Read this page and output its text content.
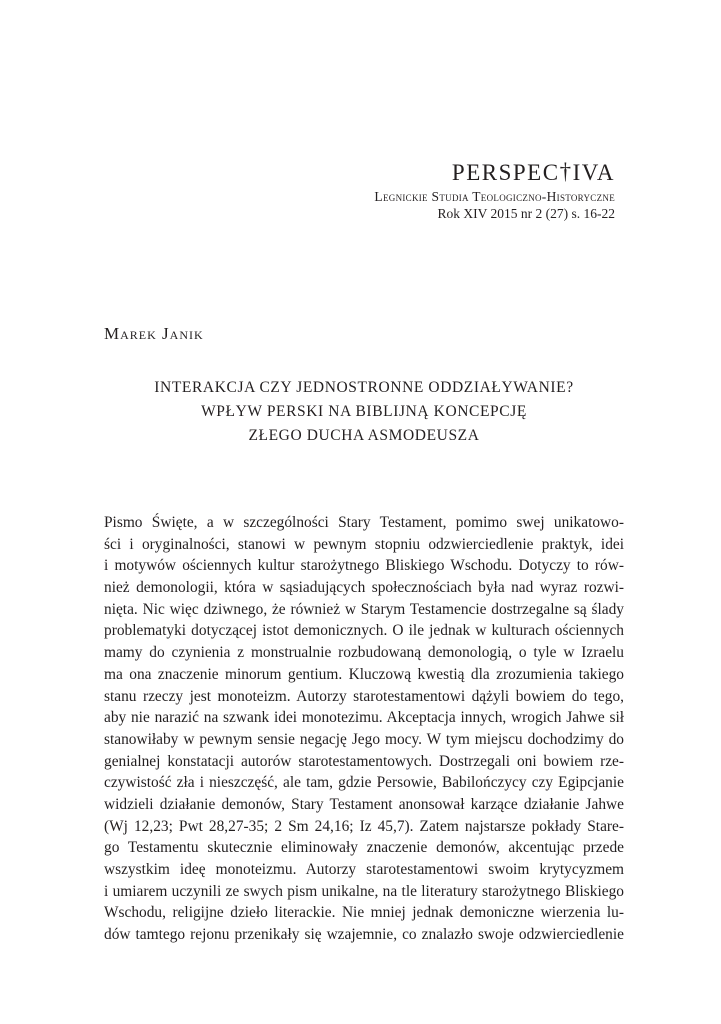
PERSPEC†IVA
Legnickie Studia Teologiczno-Historyczne
Rok XIV 2015 nr 2 (27) s. 16-22
Marek Janik
INTERAKCJA CZY JEDNOSTRONNE ODDZIAŁYWANIE?
WPŁYW PERSKI NA BIBLIJNĄ KONCEPCJĘ
ZŁEGO DUCHA ASMODEUSZA
Pismo Święte, a w szczególności Stary Testament, pomimo swej unikatowo-
ści i oryginalności, stanowi w pewnym stopniu odzwierciedlenie praktyk, idei
i motywów ościennych kultur starożytnego Bliskiego Wschodu. Dotyczy to rów-
nież demonologii, która w sąsiadujących społecznościach była nad wyraz rozwi-
nięta. Nic więc dziwnego, że również w Starym Testamencie dostrzegalne są ślady
problematyki dotyczącej istot demonicznych. O ile jednak w kulturach ościennych
mamy do czynienia z monstrualnie rozbudowaną demonologią, o tyle w Izraelu
ma ona znaczenie minorum gentium. Kluczową kwestią dla zrozumienia takiego
stanu rzeczy jest monoteizm. Autorzy starotestamentowi dążyli bowiem do tego,
aby nie narazić na szwank idei monotezimu. Akceptacja innych, wrogich Jahwe sił
stanowiłaby w pewnym sensie negację Jego mocy. W tym miejscu dochodzimy do
genialnej konstatacji autorów starotestamentowych. Dostrzegali oni bowiem rze-
czywistość zła i nieszczęść, ale tam, gdzie Persowie, Babilończycy czy Egipcjanie
widzieli działanie demonów, Stary Testament anonsował karzące działanie Jahwe
(Wj 12,23; Pwt 28,27-35; 2 Sm 24,16; Iz 45,7). Zatem najstarsze pokłady Stare-
go Testamentu skutecznie eliminowały znaczenie demonów, akcentując przede
wszystkim ideę monoteizmu. Autorzy starotestamentowi swoim krytycyzmem
i umiarem uczynili ze swych pism unikalne, na tle literatury starożytnego Bliskiego
Wschodu, religijne dzieło literackie. Nie mniej jednak demoniczne wierzenia lu-
dów tamtego rejonu przenikały się wzajemnie, co znalazło swoje odzwierciedlenie
